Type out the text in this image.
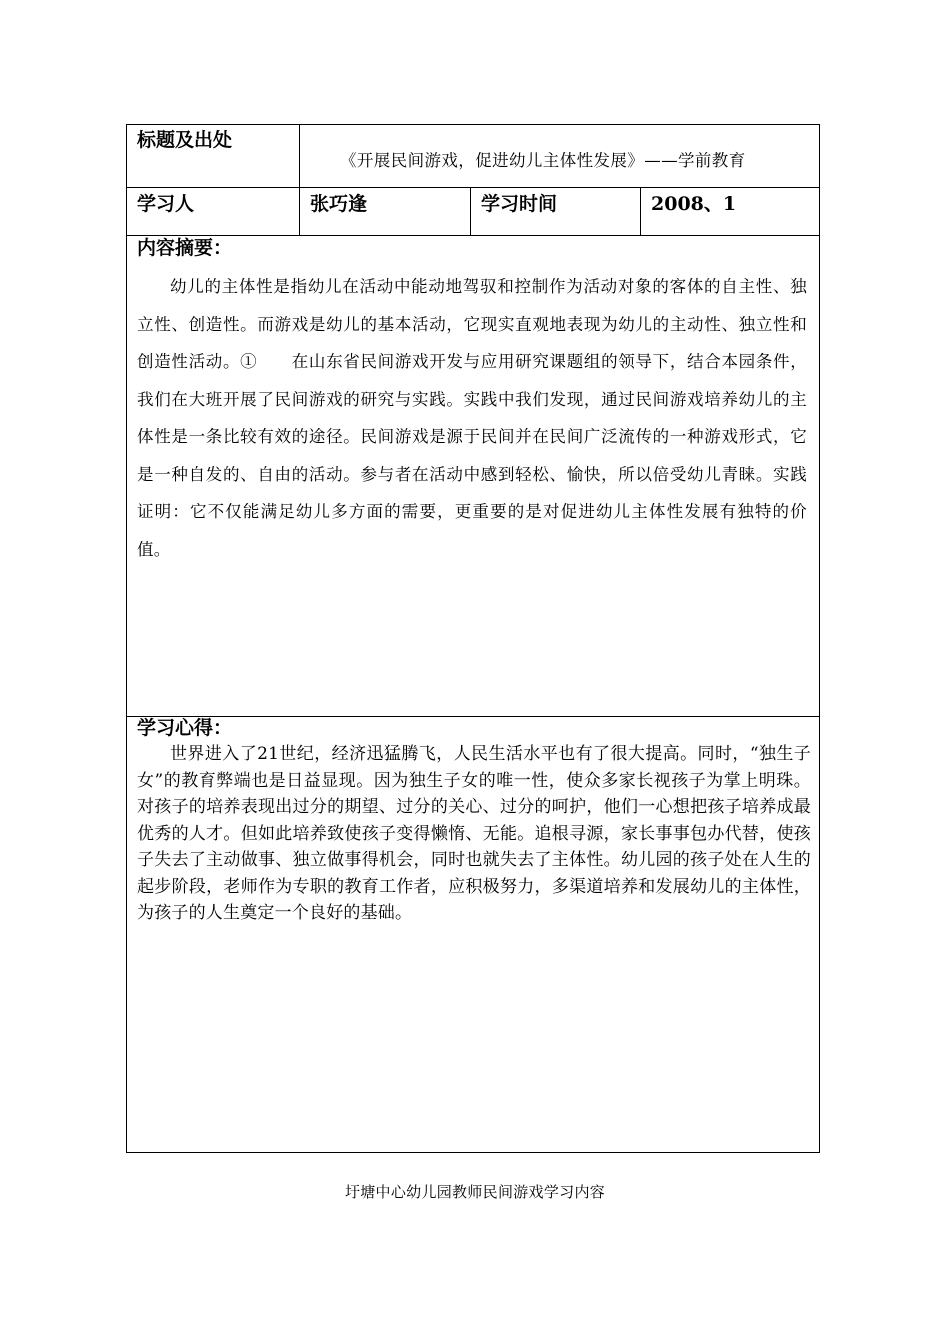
标题及出处
《开展民间游戏，促进幼儿主体性发展》——学前教育
学习人	张巧逢	学习时间	2008、1
内容摘要：
幼儿的主体性是指幼儿在活动中能动地驾驭和控制作为活动对象的客体的自主性、独立性、创造性。而游戏是幼儿的基本活动，它现实直观地表现为幼儿的主动性、独立性和创造性活动。①　　在山东省民间游戏开发与应用研究课题组的领导下，结合本园条件，我们在大班开展了民间游戏的研究与实践。实践中我们发现，通过民间游戏培养幼儿的主体性是一条比较有效的途径。民间游戏是源于民间并在民间广泛流传的一种游戏形式，它是一种自发的、自由的活动。参与者在活动中感到轻松、愉快，所以倍受幼儿青睐。实践证明：它不仅能满足幼儿多方面的需要，更重要的是对促进幼儿主体性发展有独特的价值。
学习心得：
世界进入了21世纪，经济迅猛腾飞，人民生活水平也有了很大提高。同时，“独生子女”的教育弊端也是日益显现。因为独生子女的唯一性，使众多家长视孩子为掌上明珠。对孩子的培养表现出过分的期望、过分的关心、过分的呵护，他们一心想把孩子培养成最优秀的人才。但如此培养致使孩子变得懒惰、无能。追根寻源，家长事事包办代替，使孩子失去了主动做事、独立做事得机会，同时也就失去了主体性。幼儿园的孩子处在人生的起步阶段，老师作为专职的教育工作者，应积极努力，多渠道培养和发展幼儿的主体性，为孩子的人生奠定一个良好的基础。
圩塘中心幼儿园教师民间游戏学习内容
